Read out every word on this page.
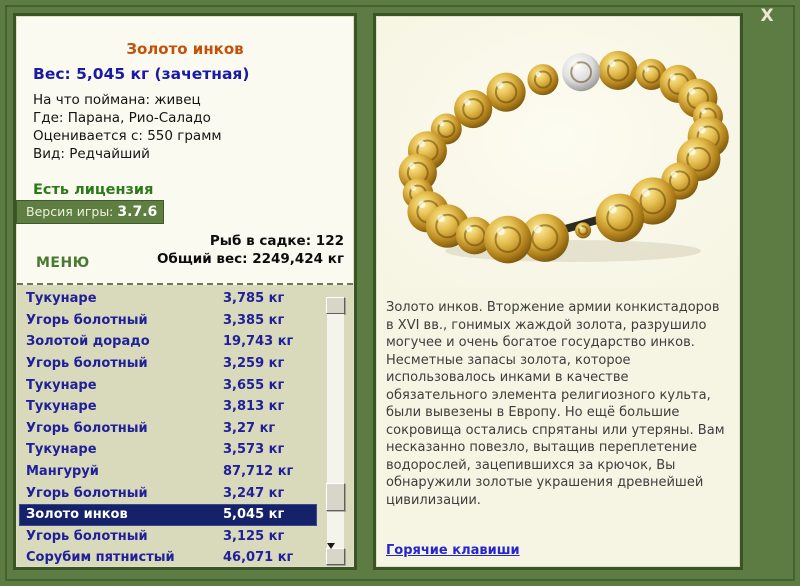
X
Золото инков
Вес: 5,045 кг (зачетная)
На что поймана: живец
Где: Парана, Рио-Саладо
Оценивается с: 550 грамм
Вид: Редчайший
Есть лицензия
Версия игры: 3.7.6
Рыб в садке: 122
Общий вес: 2249,424 кг
МЕНЮ
Тукунаре	3,785 кг
Угорь болотный	3,385 кг
Золотой дорадо	19,743 кг
Угорь болотный	3,259 кг
Тукунаре	3,655 кг
Тукунаре	3,813 кг
Угорь болотный	3,27 кг
Тукунаре	3,573 кг
Мангуруй	87,712 кг
Угорь болотный	3,247 кг
Золото инков	5,045 кг
Угорь болотный	3,125 кг
Сорубим пятнистый	46,071 кг
Золото инков. Вторжение армии конкистадоров в XVI вв., гонимых жаждой золота, разрушило могучее и очень богатое государство инков. Несметные запасы золота, которое использовалось инками в качестве обязательного элемента религиозного культа, были вывезены в Европу. Но ещё большие сокровища остались спрятаны или утеряны. Вам несказанно повезло, вытащив переплетение водорослей, зацепившихся за крючок, Вы обнаружили золотые украшения древнейшей цивилизации.
Горячие клавиши
